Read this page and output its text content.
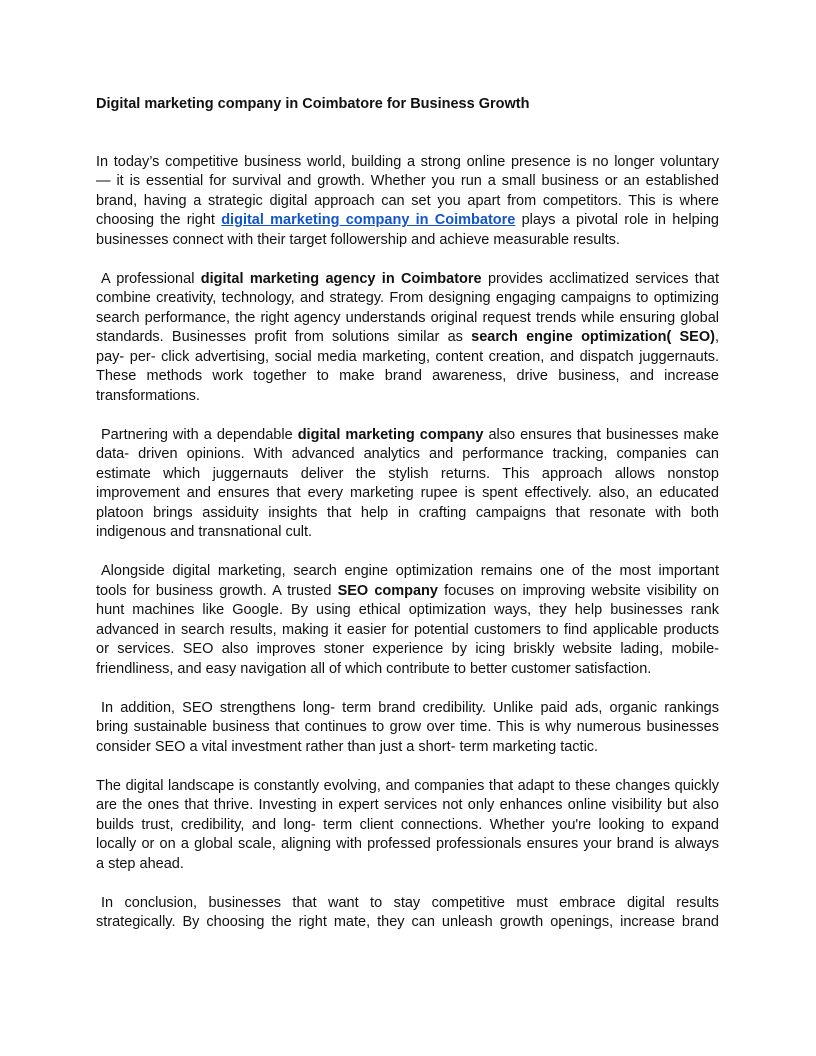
Digital marketing company in Coimbatore for Business Growth
In today’s competitive business world, building a strong online presence is no longer voluntary
— it is essential for survival and growth. Whether you run a small business or an established
brand, having a strategic digital approach can set you apart from competitors. This is where
choosing the right digital marketing company in Coimbatore plays a pivotal role in helping
businesses connect with their target followership and achieve measurable results.
A professional digital marketing agency in Coimbatore provides acclimatized services that
combine creativity, technology, and strategy. From designing engaging campaigns to optimizing
search performance, the right agency understands original request trends while ensuring global
standards. Businesses profit from solutions similar as search engine optimization( SEO),
pay- per- click advertising, social media marketing, content creation, and dispatch juggernauts.
These methods work together to make brand awareness, drive business, and increase
transformations.
Partnering with a dependable digital marketing company also ensures that businesses make
data- driven opinions. With advanced analytics and performance tracking, companies can
estimate which juggernauts deliver the stylish returns. This approach allows nonstop
improvement and ensures that every marketing rupee is spent effectively. also, an educated
platoon brings assiduity insights that help in crafting campaigns that resonate with both
indigenous and transnational cult.
Alongside digital marketing, search engine optimization remains one of the most important
tools for business growth. A trusted SEO company focuses on improving website visibility on
hunt machines like Google. By using ethical optimization ways, they help businesses rank
advanced in search results, making it easier for potential customers to find applicable products
or services. SEO also improves stoner experience by icing briskly website lading, mobile-
friendliness, and easy navigation all of which contribute to better customer satisfaction.
In addition, SEO strengthens long- term brand credibility. Unlike paid ads, organic rankings
bring sustainable business that continues to grow over time. This is why numerous businesses
consider SEO a vital investment rather than just a short- term marketing tactic.
The digital landscape is constantly evolving, and companies that adapt to these changes quickly
are the ones that thrive. Investing in expert services not only enhances online visibility but also
builds trust, credibility, and long- term client connections. Whether you're looking to expand
locally or on a global scale, aligning with professed professionals ensures your brand is always
a step ahead.
In conclusion, businesses that want to stay competitive must embrace digital results
strategically. By choosing the right mate, they can unleash growth openings, increase brand
